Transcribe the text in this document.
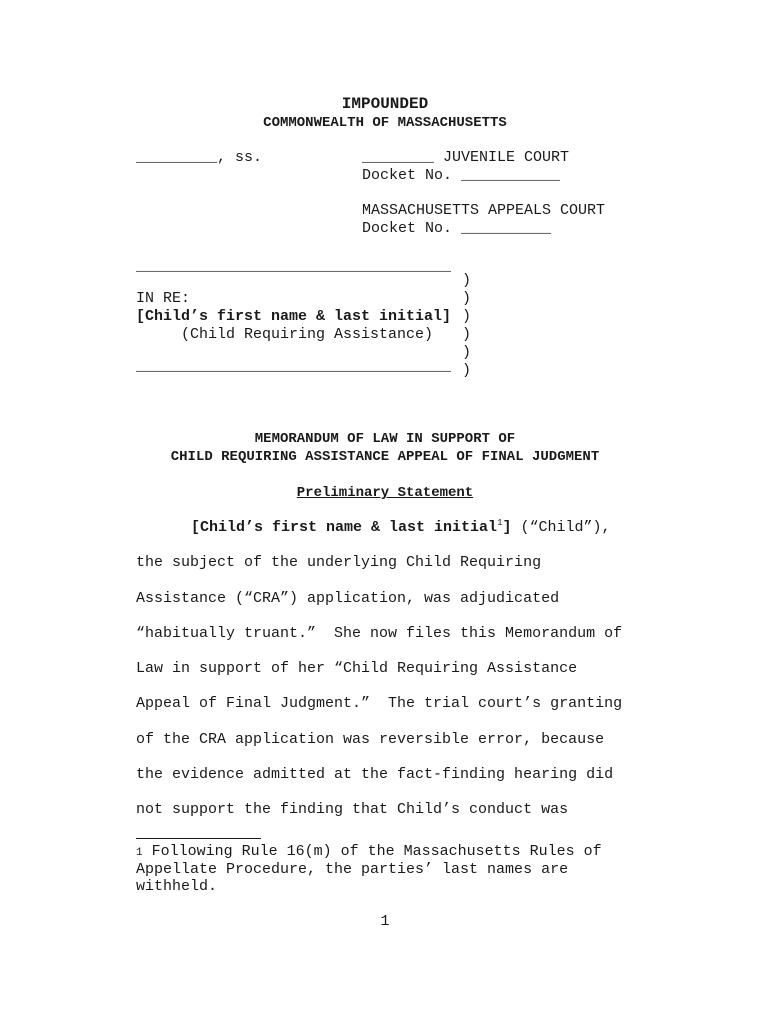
IMPOUNDED
COMMONWEALTH OF MASSACHUSETTS
_________, ss.	________ JUVENILE COURT
Docket No. ___________
MASSACHUSETTS APPEALS COURT
Docket No. __________
___________________________________
)
)
)
)
)
)
IN RE:
[Child’s first name & last initial]
(Child Requiring Assistance)
___________________________________
MEMORANDUM OF LAW IN SUPPORT OF
CHILD REQUIRING ASSISTANCE APPEAL OF FINAL JUDGMENT
Preliminary Statement
[Child’s first name & last initial$^1$] (“Child”),
the subject of the underlying Child Requiring
Assistance (“CRA”) application, was adjudicated
“habitually truant.”  She now files this Memorandum of
Law in support of her “Child Requiring Assistance
Appeal of Final Judgment.”  The trial court’s granting
of the CRA application was reversible error, because
the evidence admitted at the fact-finding hearing did
not support the finding that Child’s conduct was
1 Following Rule 16(m) of the Massachusetts Rules of
Appellate Procedure, the parties’ last names are
withheld.
1
